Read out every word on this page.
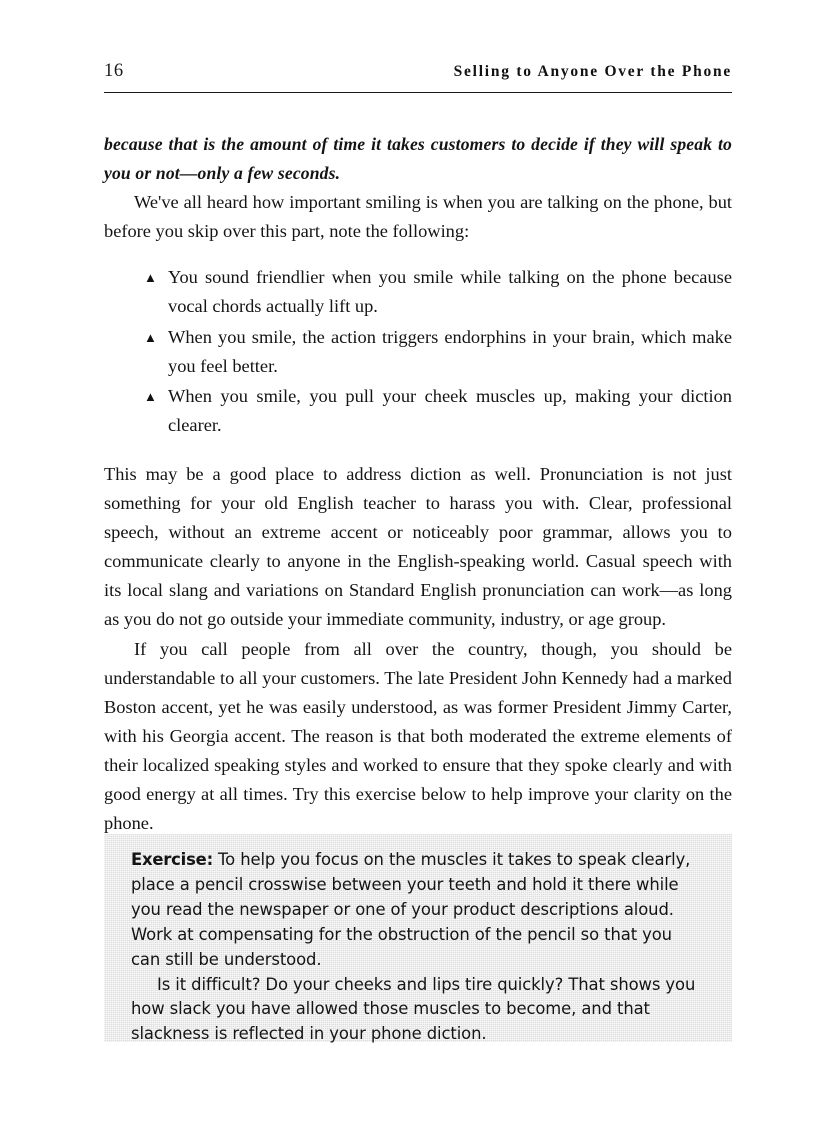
16	Selling to Anyone Over the Phone

because that is the amount of time it takes customers to decide if they will speak to you or not—only a few seconds.

We've all heard how important smiling is when you are talking on the phone, but before you skip over this part, note the following:

▲ You sound friendlier when you smile while talking on the phone because vocal chords actually lift up.
▲ When you smile, the action triggers endorphins in your brain, which make you feel better.
▲ When you smile, you pull your cheek muscles up, making your diction clearer.

This may be a good place to address diction as well. Pronunciation is not just something for your old English teacher to harass you with. Clear, professional speech, without an extreme accent or noticeably poor grammar, allows you to communicate clearly to anyone in the English-speaking world. Casual speech with its local slang and variations on Standard English pronunciation can work—as long as you do not go outside your immediate community, industry, or age group.

If you call people from all over the country, though, you should be understandable to all your customers. The late President John Kennedy had a marked Boston accent, yet he was easily understood, as was former President Jimmy Carter, with his Georgia accent. The reason is that both moderated the extreme elements of their localized speaking styles and worked to ensure that they spoke clearly and with good energy at all times. Try this exercise below to help improve your clarity on the phone.

Exercise: To help you focus on the muscles it takes to speak clearly, place a pencil crosswise between your teeth and hold it there while you read the newspaper or one of your product descriptions aloud. Work at compensating for the obstruction of the pencil so that you can still be understood.

Is it difficult? Do your cheeks and lips tire quickly? That shows you how slack you have allowed those muscles to become, and that slackness is reflected in your phone diction.
